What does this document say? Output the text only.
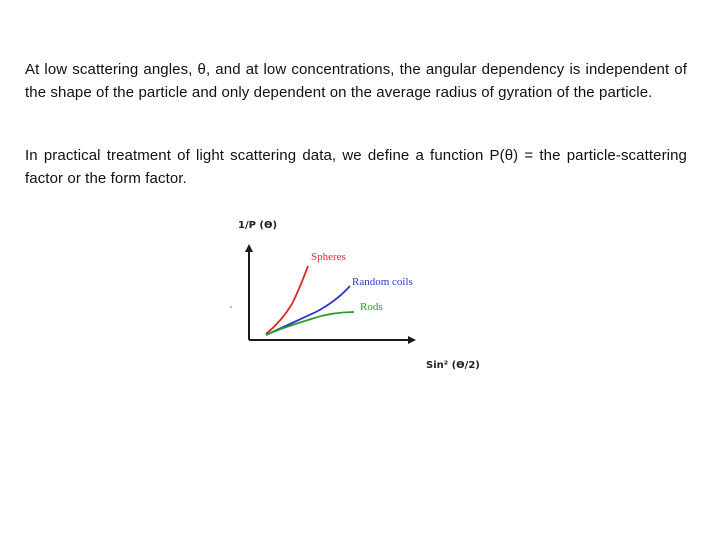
At low scattering angles, θ, and at low concentrations, the angular dependency is independent of the shape of the particle and only dependent on the average radius of gyration of the particle.

In practical treatment of light scattering data, we define a function P(θ) = the particle-scattering factor or the form factor.

1/P (ϴ)
Sin² (ϴ/2)
Spheres
Random coils
Rods
